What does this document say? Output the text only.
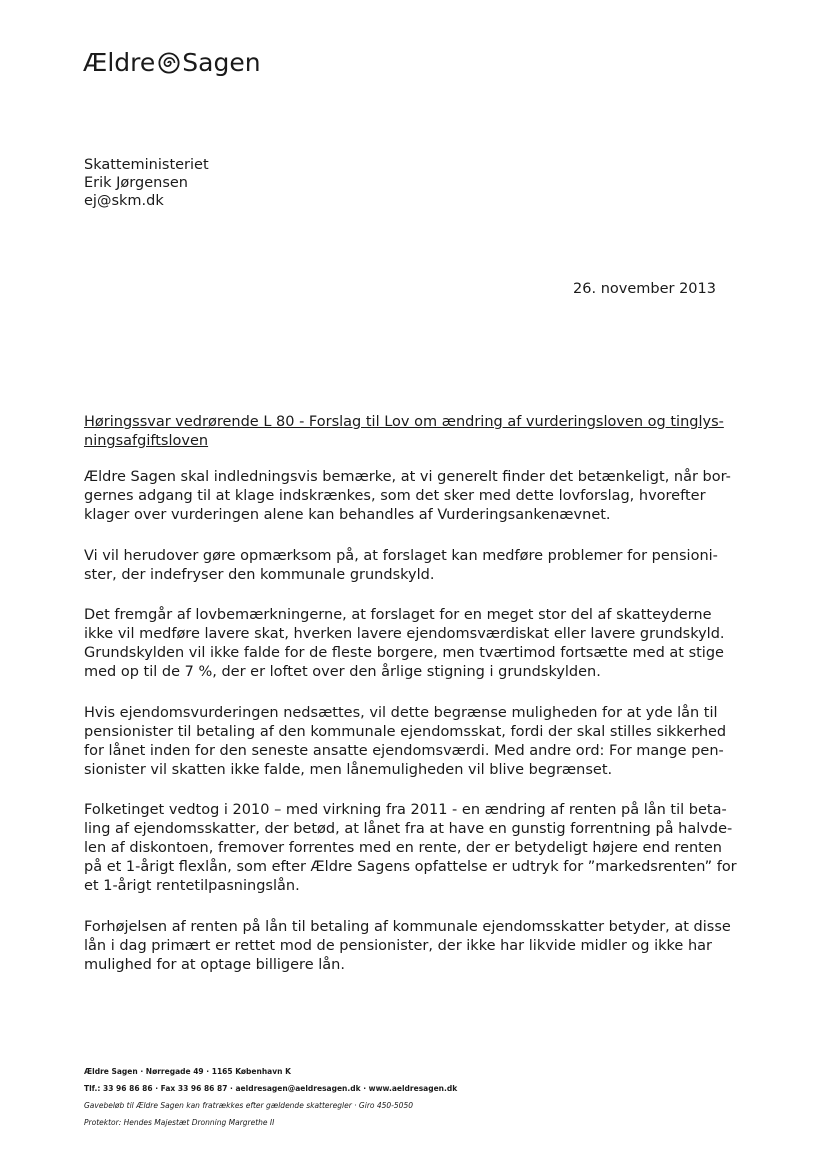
Ældre Sagen
Skatteministeriet
Erik Jørgensen
ej@skm.dk
26. november 2013
Høringssvar vedrørende L 80 - Forslag til Lov om ændring af vurderingsloven og tinglys-
ningsafgiftsloven
Ældre Sagen skal indledningsvis bemærke, at vi generelt finder det betænkeligt, når bor-
gernes adgang til at klage indskrænkes, som det sker med dette lovforslag, hvorefter
klager over vurderingen alene kan behandles af Vurderingsankenævnet.
Vi vil herudover gøre opmærksom på, at forslaget kan medføre problemer for pensioni-
ster, der indefryser den kommunale grundskyld.
Det fremgår af lovbemærkningerne, at forslaget for en meget stor del af skatteyderne
ikke vil medføre lavere skat, hverken lavere ejendomsværdiskat eller lavere grundskyld.
Grundskylden vil ikke falde for de fleste borgere, men tværtimod fortsætte med at stige
med op til de 7 %, der er loftet over den årlige stigning i grundskylden.
Hvis ejendomsvurderingen nedsættes, vil dette begrænse muligheden for at yde lån til
pensionister til betaling af den kommunale ejendomsskat, fordi der skal stilles sikkerhed
for lånet inden for den seneste ansatte ejendomsværdi. Med andre ord: For mange pen-
sionister vil skatten ikke falde, men lånemuligheden vil blive begrænset.
Folketinget vedtog i 2010 – med virkning fra 2011 - en ændring af renten på lån til beta-
ling af ejendomsskatter, der betød, at lånet fra at have en gunstig forrentning på halvde-
len af diskontoen, fremover forrentes med en rente, der er betydeligt højere end renten
på et 1-årigt flexlån, som efter Ældre Sagens opfattelse er udtryk for ”markedsrenten” for
et 1-årigt rentetilpasningslån.
Forhøjelsen af renten på lån til betaling af kommunale ejendomsskatter betyder, at disse
lån i dag primært er rettet mod de pensionister, der ikke har likvide midler og ikke har
mulighed for at optage billigere lån.
Ældre Sagen · Nørregade 49 · 1165 København K
Tlf.: 33 96 86 86 · Fax 33 96 86 87 · aeldresagen@aeldresagen.dk · www.aeldresagen.dk
Gavebeløb til Ældre Sagen kan fratrækkes efter gældende skatteregler · Giro 450-5050
Protektor: Hendes Majestæt Dronning Margrethe II
